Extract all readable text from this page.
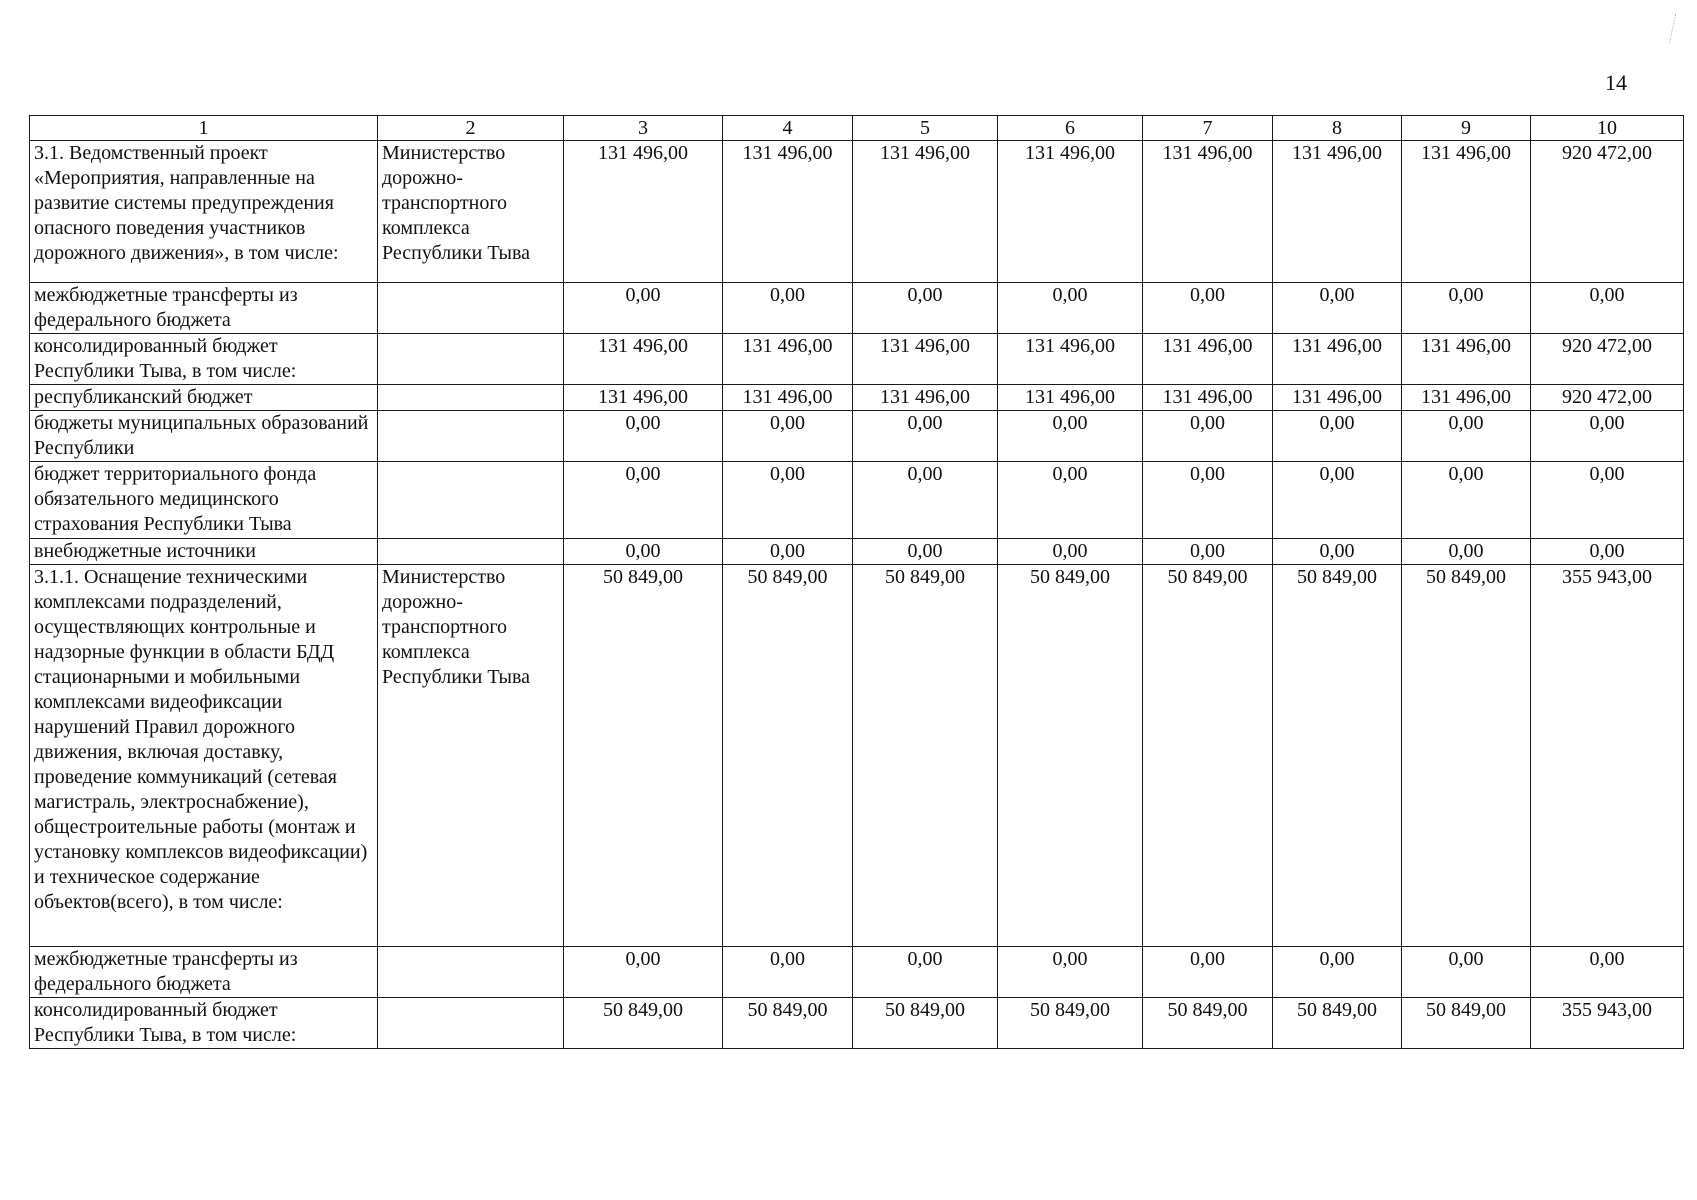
14
1	2	3	4	5	6	7	8	9	10
3.1. Ведомственный проект «Мероприятия, направленные на развитие системы предупреждения опасного поведения участников дорожного движения», в том числе:	Министерство дорожно-транспортного комплекса Республики Тыва	131 496,00	131 496,00	131 496,00	131 496,00	131 496,00	131 496,00	131 496,00	920 472,00
межбюджетные трансферты из федерального бюджета		0,00	0,00	0,00	0,00	0,00	0,00	0,00	0,00
консолидированный бюджет Республики Тыва, в том числе:		131 496,00	131 496,00	131 496,00	131 496,00	131 496,00	131 496,00	131 496,00	920 472,00
республиканский бюджет		131 496,00	131 496,00	131 496,00	131 496,00	131 496,00	131 496,00	131 496,00	920 472,00
бюджеты муниципальных образований Республики		0,00	0,00	0,00	0,00	0,00	0,00	0,00	0,00
бюджет территориального фонда обязательного медицинского страхования Республики Тыва		0,00	0,00	0,00	0,00	0,00	0,00	0,00	0,00
внебюджетные источники		0,00	0,00	0,00	0,00	0,00	0,00	0,00	0,00
3.1.1. Оснащение техническими комплексами подразделений, осуществляющих контрольные и надзорные функции в области БДД стационарными и мобильными комплексами видеофиксации нарушений Правил дорожного движения, включая доставку, проведение коммуникаций (сетевая магистраль, электроснабжение), общестроительные работы (монтаж и установку комплексов видеофиксации) и техническое содержание объектов(всего), в том числе:	Министерство дорожно-транспортного комплекса Республики Тыва	50 849,00	50 849,00	50 849,00	50 849,00	50 849,00	50 849,00	50 849,00	355 943,00
межбюджетные трансферты из федерального бюджета		0,00	0,00	0,00	0,00	0,00	0,00	0,00	0,00
консолидированный бюджет Республики Тыва, в том числе:		50 849,00	50 849,00	50 849,00	50 849,00	50 849,00	50 849,00	50 849,00	355 943,00
